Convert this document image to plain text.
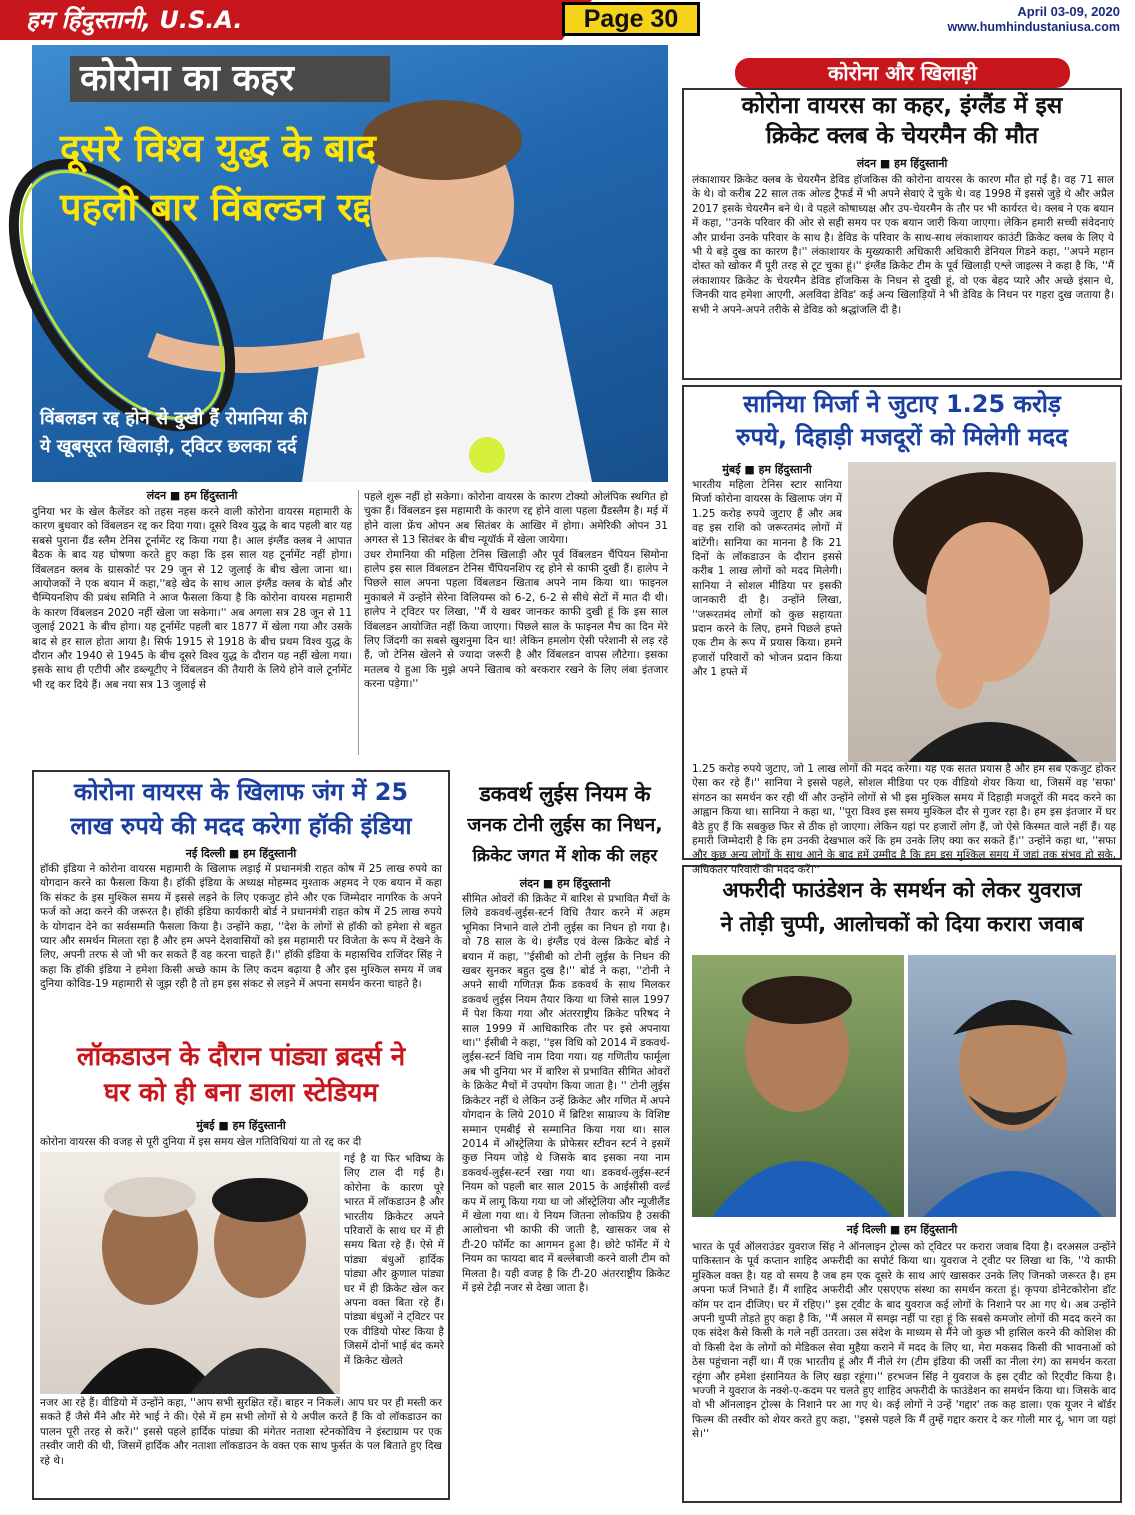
हम हिंदुस्तानी, U.S.A.	Page 30	April 03-09, 2020
www.humhindustaniusa.com
कोरोना का कहर
दूसरे विश्व युद्ध के बाद
पहली बार विंबल्डन रद्द
विंबलडन रद्द होने से दुखी हैं रोमानिया की
ये खूबसूरत खिलाड़ी, ट्विटर छलका दर्द
लंदन ■ हम हिंदुस्तानी
दुनिया भर के खेल कैलेंडर को तहस नहस करने वाली कोरोना वायरस महामारी के कारण बुधवार को विंबलडन रद्द कर दिया गया। दूसरे विश्व युद्ध के बाद पहली बार यह सबसे पुराना ग्रैंड स्लैम टेनिस टूर्नामेंट रद्द किया गया है। आल इंग्लैंड क्लब ने आपात बैठक के बाद यह घोषणा करते हुए कहा कि इस साल यह टूर्नामेंट नहीं होगा। विंबलडन क्लब के ग्रासकोर्ट पर 29 जून से 12 जुलाई के बीच खेला जाना था। आयोजकों ने एक बयान में कहा,''बड़े खेद के साथ आल इंग्लैंड क्लब के बोर्ड और चैम्पियनशिप की प्रबंध समिति ने आज फैसला किया है कि कोरोना वायरस महामारी के कारण विंबलडन 2020 नहीं खेला जा सकेगा।'' अब अगला सत्र 28 जून से 11 जुलाई 2021 के बीच होगा। यह टूर्नामेंट पहली बार 1877 में खेला गया और उसके बाद से हर साल होता आया है। सिर्फ 1915 से 1918 के बीच प्रथम विश्व युद्ध के दौरान और 1940 से 1945 के बीच दूसरे विश्व युद्ध के दौरान यह नहीं खेला गया। इसके साथ ही एटीपी और डब्ल्यूटीए ने विंबलडन की तैयारी के लिये होने वाले टूर्नामेंट भी रद्द कर दिये हैं। अब नया सत्र 13 जुलाई से
पहले शुरू नहीं हो सकेगा। कोरोना वायरस के कारण टोक्यो ओलंपिक स्थगित हो चुका हैं। विंबलडन इस महामारी के कारण रद्द होने वाला पहला ग्रैंडस्लैम है। मई में होने वाला फ्रेंच ओपन अब सितंबर के आखिर में होगा। अमेरिकी ओपन 31 अगस्त से 13 सितंबर के बीच न्यूयॉर्क में खेला जायेगा।
उधर रोमानिया की महिला टेनिस खिलाड़ी और पूर्व विंबलडन चैंपियन सिमोना हालेप इस साल विंबलडन टेनिस चैंपियनशिप रद्द होने से काफी दुखी हैं। हालेप ने पिछले साल अपना पहला विंबलडन खिताब अपने नाम किया था। फाइनल मुकाबले में उन्होंने सेरेना विलियम्स को 6-2, 6-2 से सीधे सेटों में मात दी थी। हालेप ने ट्विटर पर लिखा, ''मैं ये खबर जानकर काफी दुखी हूं कि इस साल विंबलडन आयोजित नहीं किया जाएगा। पिछले साल के फाइनल मैच का दिन मेरे लिए जिंदगी का सबसे खुशनुमा दिन था! लेकिन हमलोग ऐसी परेशानी से लड़ रहे हैं, जो टेनिस खेलने से ज्यादा जरूरी है और विंबलडन वापस लौटेगा। इसका मतलब ये हुआ कि मुझे अपने खिताब को बरकरार रखने के लिए लंबा इंतजार करना पड़ेगा।''
कोरोना और खिलाड़ी
कोरोना वायरस का कहर, इंग्लैंड में इस
क्रिकेट क्लब के चेयरमैन की मौत
लंदन ■ हम हिंदुस्तानी
लंकाशायर क्रिकेट क्लब के चेयरमैन डेविड हॉजकिस की कोरोना वायरस के कारण मौत हो गई है। वह 71 साल के थे। वो करीब 22 साल तक ओल्ड ट्रैफर्ड में भी अपने सेवाएं दे चुके थे। वह 1998 में इससे जुड़े थे और अप्रैल 2017 इसके चेयरमैन बने थे। वे पहले कोषाध्यक्ष और उप-चेयरमैन के तौर पर भी कार्यरत थे। क्लब ने एक बयान में कहा, ''उनके परिवार की ओर से सही समय पर एक बयान जारी किया जाएगा। लेकिन हमारी सच्ची संवेदनाएं और प्रार्थना उनके परिवार के साथ है। डेविड के परिवार के साथ-साथ लंकाशायर काउंटी क्रिकेट क्लब के लिए ये भी ये बड़े दुख का कारण है।'' लंकाशायर के मुख्यकारी अधिकारी अधिकारी डेनियल गिडने कहा, ''अपने महान दोस्त को खोकर मैं पूरी तरह से टूट चुका हूं।'' इंग्लैंड क्रिकेट टीम के पूर्व खिलाड़ी एश्ले जाइल्स ने कहा है कि, ''मैं लंकाशायर क्रिकेट के चेयरमैन डेविड हॉजकिस के निधन से दुखी हूं, वो एक बेहद प्यारे और अच्छे इंसान थे, जिनकी याद हमेशा आएगी, अलविदा डेविड' कई अन्य खिलाड़ियों ने भी डेविड के निधन पर गहरा दुख जताया है। सभी ने अपने-अपने तरीके से डेविड को श्रद्धांजलि दी है।
सानिया मिर्जा ने जुटाए 1.25 करोड़
रुपये, दिहाड़ी मजदूरों को मिलेगी मदद
मुंबई ■ हम हिंदुस्तानी
भारतीय महिला टेनिस स्टार सानिया मिर्जा कोरोना वायरस के खिलाफ जंग में 1.25 करोड़ रुपये जुटाए हैं और अब वह इस राशि को जरूरतमंद लोगों में बांटेंगी। सानिया का मानना है कि 21 दिनों के लॉकडाउन के दौरान इससे करीब 1 लाख लोगों को मदद मिलेगी। सानिया ने सोशल मीडिया पर इसकी जानकारी दी है। उन्होंने लिखा, ''जरूरतमंद लोगों को कुछ सहायता प्रदान करने के लिए, हमने पिछले हफ्ते एक टीम के रूप में प्रयास किया। हमने हजारों परिवारों को भोजन प्रदान किया और 1 हफ्ते में
1.25 करोड़ रुपये जुटाए, जो 1 लाख लोगों की मदद करेगा। यह एक सतत प्रयास है और हम सब एकजुट होकर ऐसा कर रहे हैं।'' सानिया ने इससे पहले, सोशल मीडिया पर एक वीडियो शेयर किया था, जिसमें वह 'सफा' संगठन का समर्थन कर रही थीं और उन्होंने लोगों से भी इस मुश्किल समय में दिहाड़ी मजदूरों की मदद करने का आह्वान किया था। सानिया ने कहा था, ''पूरा विश्व इस समय मुश्किल दौर से गुजर रहा है। हम इस इंतजार में घर बैठे हुए हैं कि सबकुछ फिर से ठीक हो जाएगा। लेकिन यहां पर हजारों लोग हैं, जो ऐसे किस्मत वाले नहीं हैं। यह हमारी जिम्मेदारी है कि हम उनकी देखभाल करें कि हम उनके लिए क्या कर सकते हैं।'' उन्होंने कहा था, ''सफा और कुछ अन्य लोगों के साथ आने के बाद हमें उम्मीद है कि हम इस मुश्किल समय में जहां तक संभव हो सके, अधिकतर परिवारों की मदद करें।''
अफरीदी फाउंडेशन के समर्थन को लेकर युवराज
ने तोड़ी चुप्पी, आलोचकों को दिया करारा जवाब
नई दिल्ली ■ हम हिंदुस्तानी
भारत के पूर्व ऑलराउंडर युवराज सिंह ने ऑनलाइन ट्रोल्स को ट्विटर पर करारा जवाब दिया है। दरअसल उन्होंने पाकिस्तान के पूर्व कप्तान शाहिद अफरीदी का सपोर्ट किया था। युवराज ने ट्वीट पर लिखा था कि, ''ये काफी मुश्किल वक्त है। यह वो समय है जब हम एक दूसरे के साथ आएं खासकर उनके लिए जिनको जरूरत है। हम अपना फर्ज निभाते हैं। मैं शाहिद अफरीदी और एसएएफ संस्था का समर्थन करता हूं। कृपया डोनेटकोरोना डॉट कॉम पर दान दीजिए। घर में रहिए।'' इस ट्वीट के बाद युवराज कई लोगों के निशाने पर आ गए थे। अब उन्होंने अपनी चुप्पी तोड़ते हुए कहा है कि, ''मैं असल में समझ नहीं पा रहा हूं कि सबसे कमजोर लोगों की मदद करने का एक संदेश कैसे किसी के गले नहीं उतरता। उस संदेश के माध्यम से मैंने जो कुछ भी हासिल करने की कोशिश की वो किसी देश के लोगों को मेडिकल सेवा मुहैया कराने में मदद के लिए था, मेरा मकसद किसी की भावनाओं को ठेस पहुंचाना नहीं था। मैं एक भारतीय हूं और मैं नीले रंग (टीम इंडिया की जर्सी का नीला रंग) का समर्थन करता रहूंगा और हमेशा इंसानियत के लिए खड़ा रहूंगा।'' हरभजन सिंह ने युवराज के इस ट्वीट को रिट्वीट किया है। भज्जी ने युवराज के नक्शे-ए-कदम पर चलते हुए शाहिद अफरीदी के फाउंडेशन का समर्थन किया था। जिसके बाद वो भी ऑनलाइन ट्रोल्स के निशाने पर आ गए थे। कई लोगों ने उन्हें 'गद्दार' तक कह डाला। एक यूजर ने बॉर्डर फिल्म की तस्वीर को शेयर करते हुए कहा, ''इससे पहले कि मैं तुम्हें गद्दार करार दे कर गोली मार दूं, भाग जा यहां से।''
कोरोना वायरस के खिलाफ जंग में 25
लाख रुपये की मदद करेगा हॉकी इंडिया
नई दिल्ली ■ हम हिंदुस्तानी
हॉकी इंडिया ने कोरोना वायरस महामारी के खिलाफ लड़ाई में प्रधानमंत्री राहत कोष में 25 लाख रुपये का योगदान करने का फैसला किया है। हॉकी इंडिया के अध्यक्ष मोहम्मद मुश्ताक अहमद ने एक बयान में कहा कि संकट के इस मुश्किल समय में इससे लड़ने के लिए एकजुट होने और एक जिम्मेदार नागरिक के अपने फर्ज को अदा करने की जरूरत है। हॉकी इंडिया कार्यकारी बोर्ड ने प्रधानमंत्री राहत कोष में 25 लाख रुपये के योगदान देने का सर्वसम्मति फैसला किया है। उन्होंने कहा, ''देश के लोगों से हॉकी को हमेशा से बहुत प्यार और समर्थन मिलता रहा है और हम अपने देशवासियों को इस महामारी पर विजेता के रूप में देखने के लिए, अपनी तरफ से जो भी कर सकते हैं वह करना चाहते हैं।'' हॉकी इंडिया के महासचिव राजिंदर सिंह ने कहा कि हॉकी इंडिया ने हमेशा किसी अच्छे काम के लिए कदम बढ़ाया है और इस मुश्किल समय में जब दुनिया कोविड-19 महामारी से जूझ रही है तो हम इस संकट से लड़ने में अपना समर्थन करना चाहते है।
लॉकडाउन के दौरान पांड्या ब्रदर्स ने
घर को ही बना डाला स्टेडियम
मुंबई ■ हम हिंदुस्तानी
कोरोना वायरस की वजह से पूरी दुनिया में इस समय खेल गतिविधियां या तो रद्द कर दी
गई है या फिर भविष्य के लिए टाल दी गई है। कोरोना के कारण पूरे भारत में लॉकडाउन है और भारतीय क्रिकेटर अपने परिवारों के साथ घर में ही समय बिता रहे हैं। ऐसे में पांड्या बंधुओं हार्दिक पांड्या और क्रुणाल पांड्या घर में ही क्रिकेट खेल कर अपना वक्त बिता रहे हैं। पांड्या बंधुओं ने ट्विटर पर एक वीडियो पोस्ट किया है जिसमें दोनों भाई बंद कमरे में क्रिकेट खेलते
नजर आ रहे हैं। वीडियो में उन्होंने कहा, ''आप सभी सुरक्षित रहें। बाहर न निकलें। आप घर पर ही मस्ती कर सकते हैं जैसे मैंने और मेरे भाई ने की। ऐसे में हम सभी लोगों से ये अपील करते हैं कि वो लॉकडाउन का पालन पूरी तरह से करें।'' इससे पहले हार्दिक पांड्या की मंगेतर नताशा स्टेनकोविच ने इंस्टाग्राम पर एक तस्वीर जारी की थी, जिसमें हार्दिक और नताशा लॉकडाउन के वक्त एक साथ फुर्सत के पल बिताते हुए दिख रहे थे।
डकवर्थ लुईस नियम के
जनक टोनी लुईस का निधन,
क्रिकेट जगत में शोक की लहर
लंदन ■ हम हिंदुस्तानी
सीमित ओवरों की क्रिकेट में बारिश से प्रभावित मैचों के लिये डकवर्थ-लुईस-स्टर्न विधि तैयार करने में अहम भूमिका निभाने वाले टोनी लुईस का निधन हो गया है। वो 78 साल के थे। इंग्लैंड एवं वेल्स क्रिकेट बोर्ड ने बयान में कहा, ''ईसीबी को टोनी लुईस के निधन की खबर सुनकर बहुत दुख है।'' बोर्ड ने कहा, ''टोनी ने अपने साथी गणितज्ञ फ्रैंक डकवर्थ के साथ मिलकर डकवर्थ लुईस नियम तैयार किया था जिसे साल 1997 में पेश किया गया और अंतरराष्ट्रीय क्रिकेट परिषद ने साल 1999 में आधिकारिक तौर पर इसे अपनाया था।'' ईसीबी ने कहा, ''इस विधि को 2014 में डकवर्थ-लुईस-स्टर्न विधि नाम दिया गया। यह गणितीय फार्मूला अब भी दुनिया भर में बारिश से प्रभावित सीमित ओवरों के क्रिकेट मैचों में उपयोग किया जाता है। '' टोनी लुईस क्रिकेटर नहीं थे लेकिन उन्हें क्रिकेट और गणित में अपने योगदान के लिये 2010 में ब्रिटिश साम्राज्य के विशिष्ट सम्मान एमबीई से सम्मानित किया गया था। साल 2014 में ऑस्ट्रेलिया के प्रोफेसर स्टीवन स्टर्न ने इसमें कुछ नियम जोड़े थे जिसके बाद इसका नया नाम डकवर्थ-लुईस-स्टर्न रखा गया था। डकवर्थ-लुईस-स्टर्न नियम को पहली बार साल 2015 के आईसीसी वर्ल्ड कप में लागू किया गया था जो ऑस्ट्रेलिया और न्यूजीलैंड में खेला गया था। ये नियम जितना लोकप्रिय है उसकी आलोचना भी काफी की जाती है, खासकर जब से टी-20 फॉर्मेट का आगमन हुआ है। छोटे फॉर्मेट में ये नियम का फायदा बाद में बल्लेबाजी करने वाली टीम को मिलता है। यही वजह है कि टी-20 अंतरराष्ट्रीय क्रिकेट में इसे टेढ़ी नजर से देखा जाता है।
